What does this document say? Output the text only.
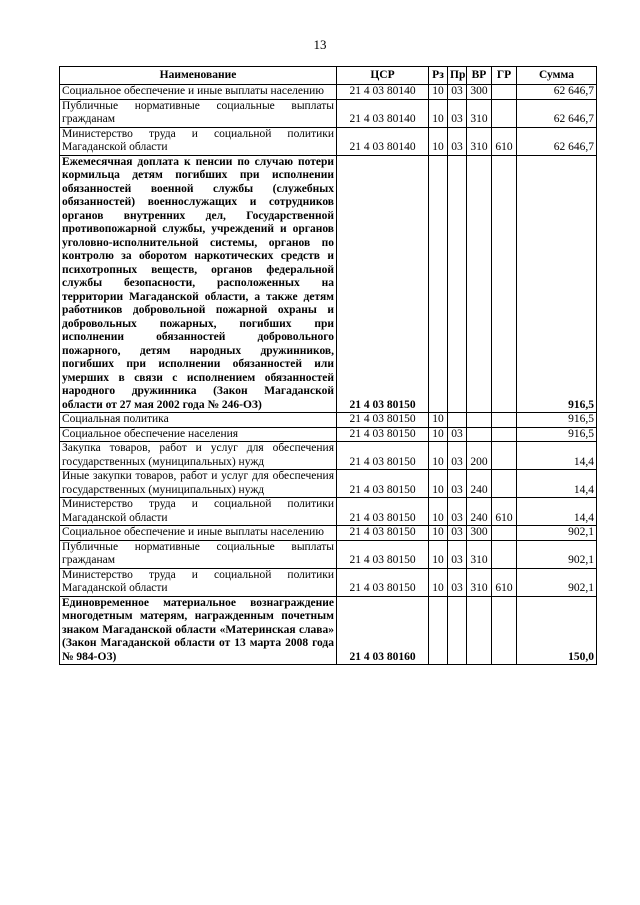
13
Наименование	ЦСР	Рз	Пр	ВР	ГР	Сумма
Социальное обеспечение и иные выплаты населению	21 4 03 80140	10	03	300		62 646,7
Публичные нормативные социальные выплаты гражданам	21 4 03 80140	10	03	310		62 646,7
Министерство труда и социальной политики Магаданской области	21 4 03 80140	10	03	310	610	62 646,7
Ежемесячная доплата к пенсии по случаю потери кормильца детям погибших при исполнении обязанностей военной службы (служебных обязанностей) военнослужащих и сотрудников органов внутренних дел, Государственной противопожарной службы, учреждений и органов уголовно-исполнительной системы, органов по контролю за оборотом наркотических средств и психотропных веществ, органов федеральной службы безопасности, расположенных на территории Магаданской области, а также детям работников добровольной пожарной охраны и добровольных пожарных, погибших при исполнении обязанностей добровольного пожарного, детям народных дружинников, погибших при исполнении обязанностей или умерших в связи с исполнением обязанностей народного дружинника (Закон Магаданской области от 27 мая 2002 года № 246-ОЗ)	21 4 03 80150					916,5
Социальная политика	21 4 03 80150	10				916,5
Социальное обеспечение населения	21 4 03 80150	10	03			916,5
Закупка товаров, работ и услуг для обеспечения государственных (муниципальных) нужд	21 4 03 80150	10	03	200		14,4
Иные закупки товаров, работ и услуг для обеспечения государственных (муниципальных) нужд	21 4 03 80150	10	03	240		14,4
Министерство труда и социальной политики Магаданской области	21 4 03 80150	10	03	240	610	14,4
Социальное обеспечение и иные выплаты населению	21 4 03 80150	10	03	300		902,1
Публичные нормативные социальные выплаты гражданам	21 4 03 80150	10	03	310		902,1
Министерство труда и социальной политики Магаданской области	21 4 03 80150	10	03	310	610	902,1
Единовременное материальное вознаграждение многодетным матерям, награжденным почетным знаком Магаданской области «Материнская слава» (Закон Магаданской области от 13 марта 2008 года № 984-ОЗ)	21 4 03 80160					150,0
